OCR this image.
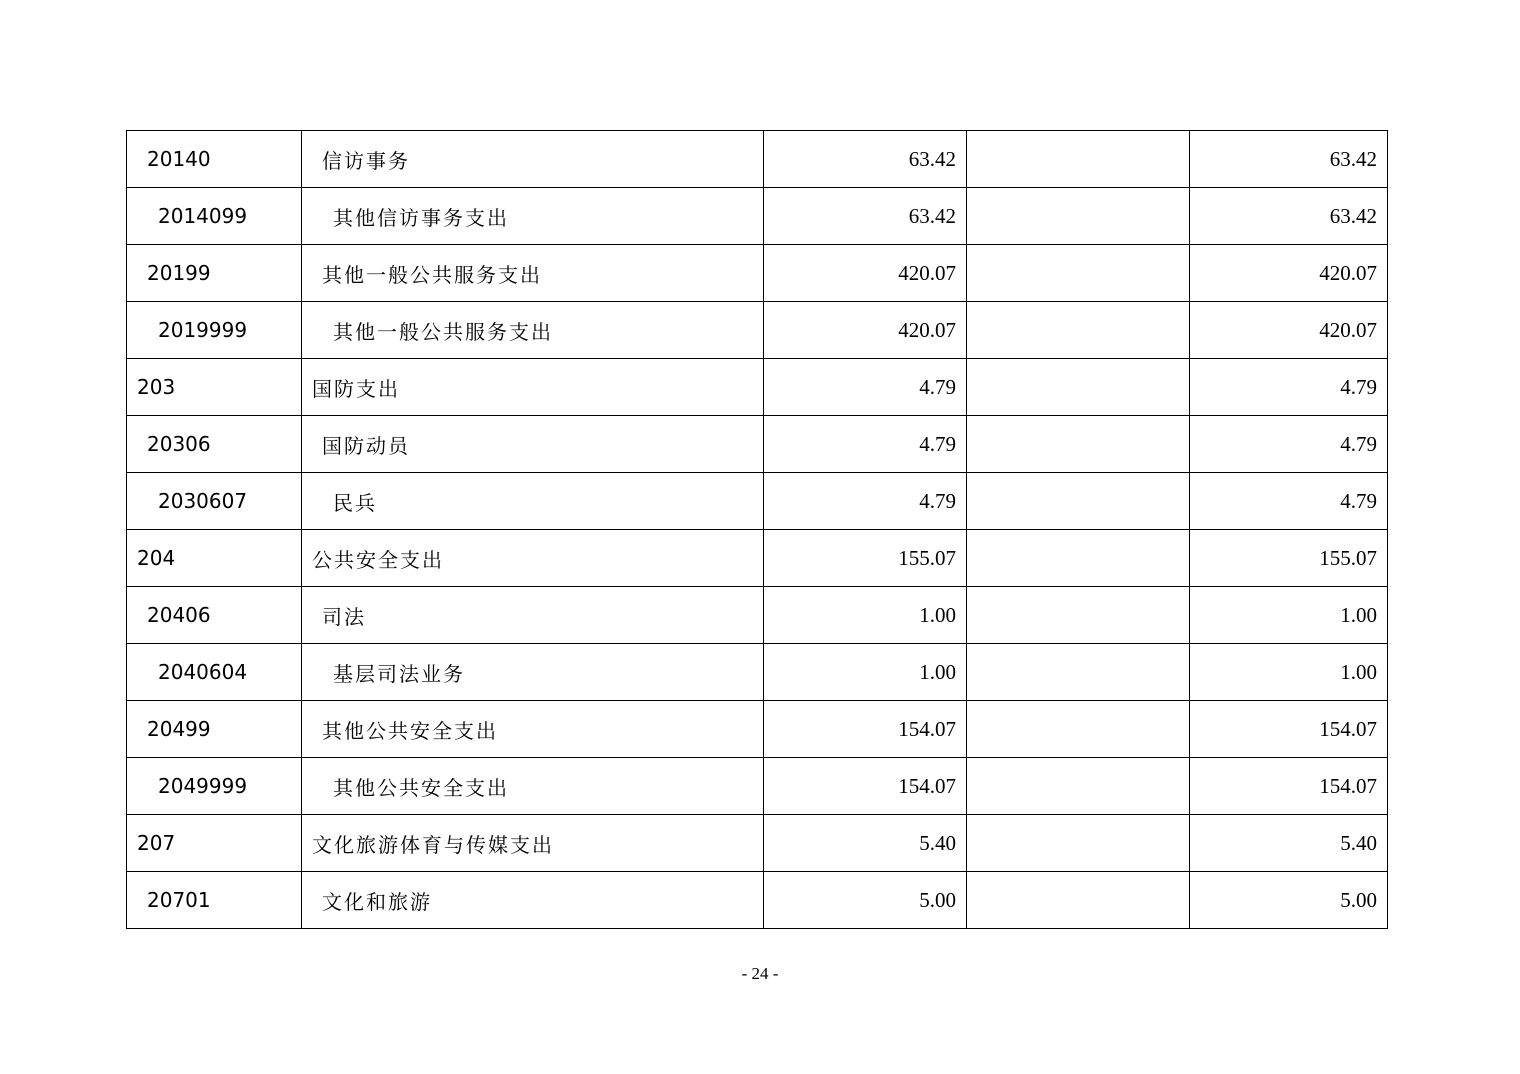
20140	信访事务	63.42		63.42
2014099	其他信访事务支出	63.42		63.42
20199	其他一般公共服务支出	420.07		420.07
2019999	其他一般公共服务支出	420.07		420.07
203	国防支出	4.79		4.79
20306	国防动员	4.79		4.79
2030607	民兵	4.79		4.79
204	公共安全支出	155.07		155.07
20406	司法	1.00		1.00
2040604	基层司法业务	1.00		1.00
20499	其他公共安全支出	154.07		154.07
2049999	其他公共安全支出	154.07		154.07
207	文化旅游体育与传媒支出	5.40		5.40
20701	文化和旅游	5.00		5.00
- 24 -
